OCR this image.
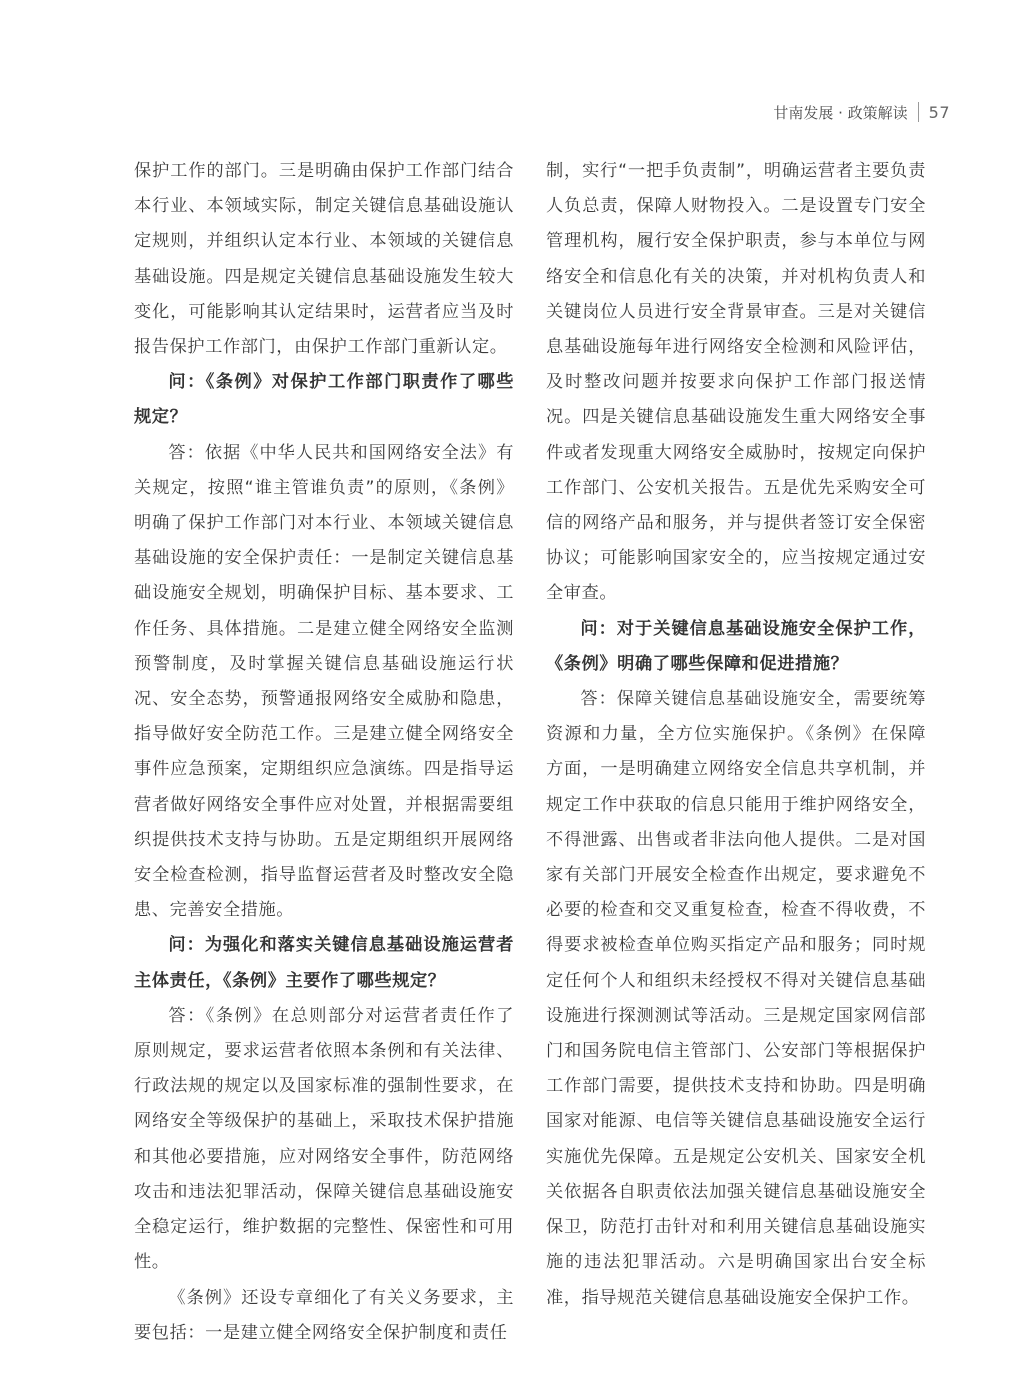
甘南发展 · 政策解读 57

保护工作的部门。三是明确由保护工作部门结合本行业、本领域实际，制定关键信息基础设施认定规则，并组织认定本行业、本领域的关键信息基础设施。四是规定关键信息基础设施发生较大变化，可能影响其认定结果时，运营者应当及时报告保护工作部门，由保护工作部门重新认定。

问：《条例》对保护工作部门职责作了哪些规定？

答：依据《中华人民共和国网络安全法》有关规定，按照“谁主管谁负责”的原则，《条例》明确了保护工作部门对本行业、本领域关键信息基础设施的安全保护责任：一是制定关键信息基础设施安全规划，明确保护目标、基本要求、工作任务、具体措施。二是建立健全网络安全监测预警制度，及时掌握关键信息基础设施运行状况、安全态势，预警通报网络安全威胁和隐患，指导做好安全防范工作。三是建立健全网络安全事件应急预案，定期组织应急演练。四是指导运营者做好网络安全事件应对处置，并根据需要组织提供技术支持与协助。五是定期组织开展网络安全检查检测，指导监督运营者及时整改安全隐患、完善安全措施。

问：为强化和落实关键信息基础设施运营者主体责任，《条例》主要作了哪些规定？

答：《条例》在总则部分对运营者责任作了原则规定，要求运营者依照本条例和有关法律、行政法规的规定以及国家标准的强制性要求，在网络安全等级保护的基础上，采取技术保护措施和其他必要措施，应对网络安全事件，防范网络攻击和违法犯罪活动，保障关键信息基础设施安全稳定运行，维护数据的完整性、保密性和可用性。

《条例》还设专章细化了有关义务要求，主要包括：一是建立健全网络安全保护制度和责任

制，实行“一把手负责制”，明确运营者主要负责人负总责，保障人财物投入。二是设置专门安全管理机构，履行安全保护职责，参与本单位与网络安全和信息化有关的决策，并对机构负责人和关键岗位人员进行安全背景审查。三是对关键信息基础设施每年进行网络安全检测和风险评估，及时整改问题并按要求向保护工作部门报送情况。四是关键信息基础设施发生重大网络安全事件或者发现重大网络安全威胁时，按规定向保护工作部门、公安机关报告。五是优先采购安全可信的网络产品和服务，并与提供者签订安全保密协议；可能影响国家安全的，应当按规定通过安全审查。

问：对于关键信息基础设施安全保护工作，《条例》明确了哪些保障和促进措施？

答：保障关键信息基础设施安全，需要统筹资源和力量，全方位实施保护。《条例》在保障方面，一是明确建立网络安全信息共享机制，并规定工作中获取的信息只能用于维护网络安全，不得泄露、出售或者非法向他人提供。二是对国家有关部门开展安全检查作出规定，要求避免不必要的检查和交叉重复检查，检查不得收费，不得要求被检查单位购买指定产品和服务；同时规定任何个人和组织未经授权不得对关键信息基础设施进行探测测试等活动。三是规定国家网信部门和国务院电信主管部门、公安部门等根据保护工作部门需要，提供技术支持和协助。四是明确国家对能源、电信等关键信息基础设施安全运行实施优先保障。五是规定公安机关、国家安全机关依据各自职责依法加强关键信息基础设施安全保卫，防范打击针对和利用关键信息基础设施实施的违法犯罪活动。六是明确国家出台安全标准，指导规范关键信息基础设施安全保护工作。
